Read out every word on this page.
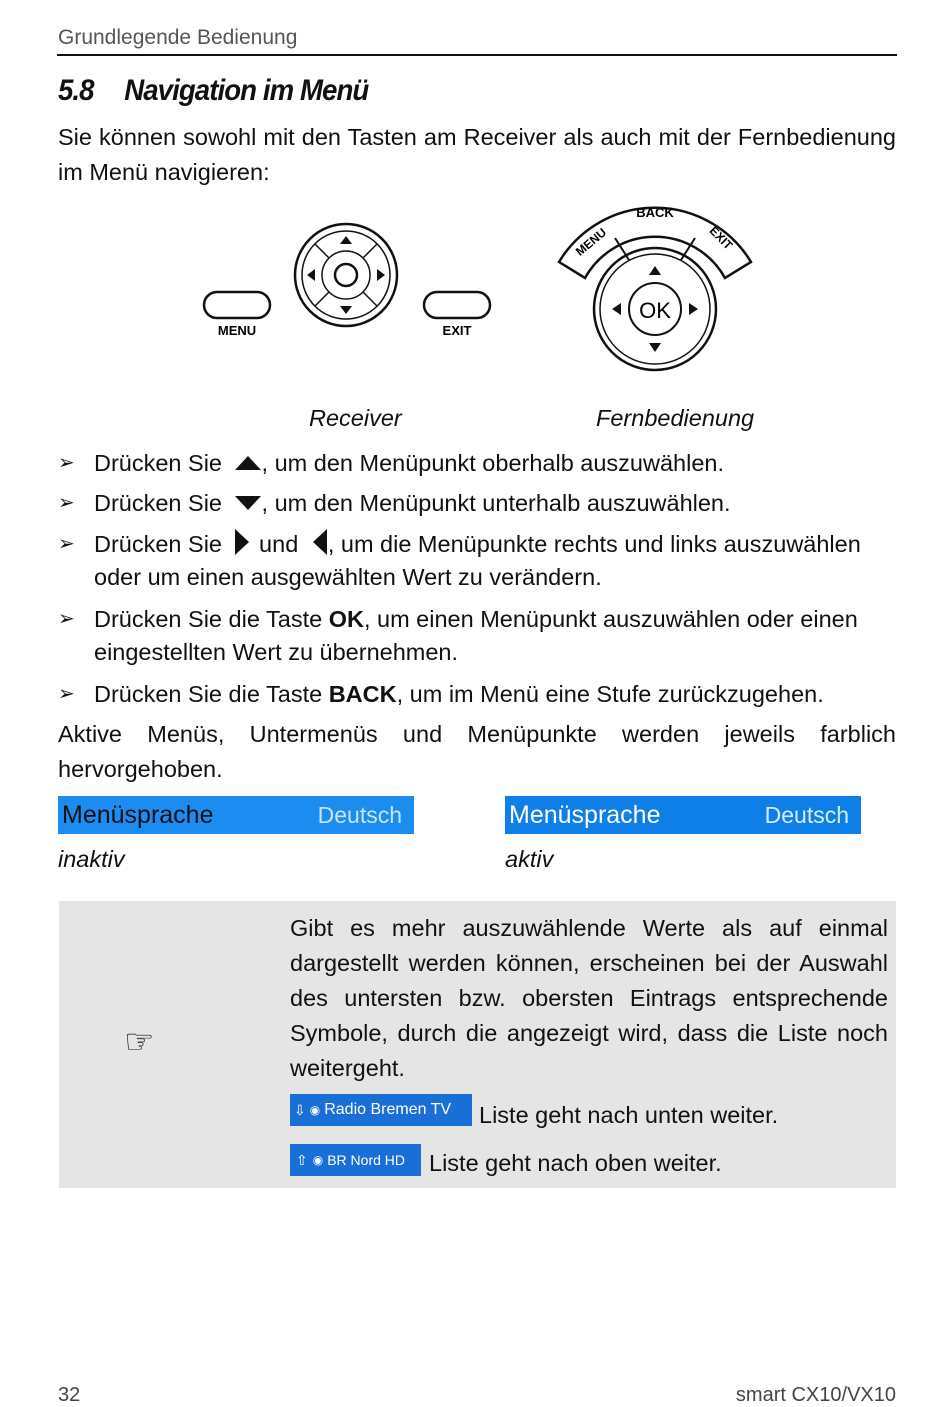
Grundlegende Bedienung
5.8 Navigation im Menü
Sie können sowohl mit den Tasten am Receiver als auch mit der Fernbedienung im Menü navigieren:
MENU	EXIT
BACK
MENU	EXIT
OK
Receiver	Fernbedienung
➢ Drücken Sie , um den Menüpunkt oberhalb auszuwählen.
➢ Drücken Sie , um den Menüpunkt unterhalb auszuwählen.
➢ Drücken Sie  und , um die Menüpunkte rechts und links auszuwählen oder um einen ausgewählten Wert zu verändern.
➢ Drücken Sie die Taste OK, um einen Menüpunkt auszuwählen oder einen eingestellten Wert zu übernehmen.
➢ Drücken Sie die Taste BACK, um im Menü eine Stufe zurückzugehen.
Aktive Menüs, Untermenüs und Menüpunkte werden jeweils farblich hervorgehoben.
Menüsprache	Deutsch
inaktiv
Menüsprache	Deutsch
aktiv
☞
Gibt es mehr auszuwählende Werte als auf einmal dargestellt werden können, erscheinen bei der Auswahl des untersten bzw. obersten Eintrags entsprechende Symbole, durch die angezeigt wird, dass die Liste noch weitergeht.
⇩ ◉ Radio Bremen TV Liste geht nach unten weiter.
⇧ ◉ BR Nord HD Liste geht nach oben weiter.
32	smart CX10/VX10
